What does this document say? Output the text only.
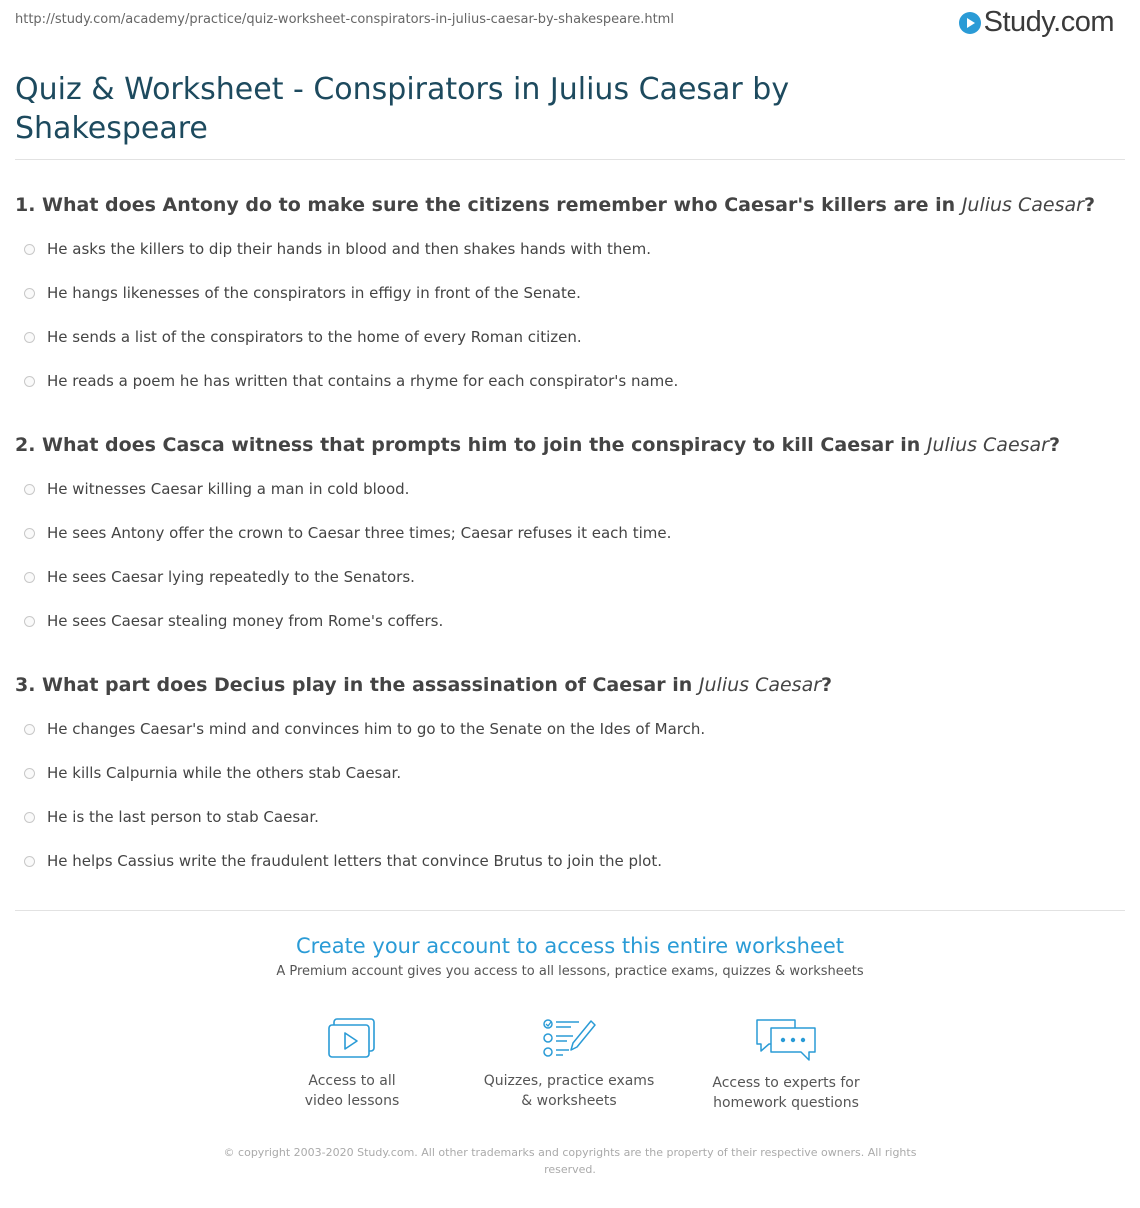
http://study.com/academy/practice/quiz-worksheet-conspirators-in-julius-caesar-by-shakespeare.html	Study.com
Quiz & Worksheet - Conspirators in Julius Caesar by Shakespeare
1. What does Antony do to make sure the citizens remember who Caesar's killers are in Julius Caesar?
He asks the killers to dip their hands in blood and then shakes hands with them.
He hangs likenesses of the conspirators in effigy in front of the Senate.
He sends a list of the conspirators to the home of every Roman citizen.
He reads a poem he has written that contains a rhyme for each conspirator's name.
2. What does Casca witness that prompts him to join the conspiracy to kill Caesar in Julius Caesar?
He witnesses Caesar killing a man in cold blood.
He sees Antony offer the crown to Caesar three times; Caesar refuses it each time.
He sees Caesar lying repeatedly to the Senators.
He sees Caesar stealing money from Rome's coffers.
3. What part does Decius play in the assassination of Caesar in Julius Caesar?
He changes Caesar's mind and convinces him to go to the Senate on the Ides of March.
He kills Calpurnia while the others stab Caesar.
He is the last person to stab Caesar.
He helps Cassius write the fraudulent letters that convince Brutus to join the plot.
Create your account to access this entire worksheet
A Premium account gives you access to all lessons, practice exams, quizzes & worksheets
Access to all
video lessons
Quizzes, practice exams
& worksheets
Access to experts for
homework questions
© copyright 2003-2020 Study.com. All other trademarks and copyrights are the property of their respective owners. All rights
reserved.
